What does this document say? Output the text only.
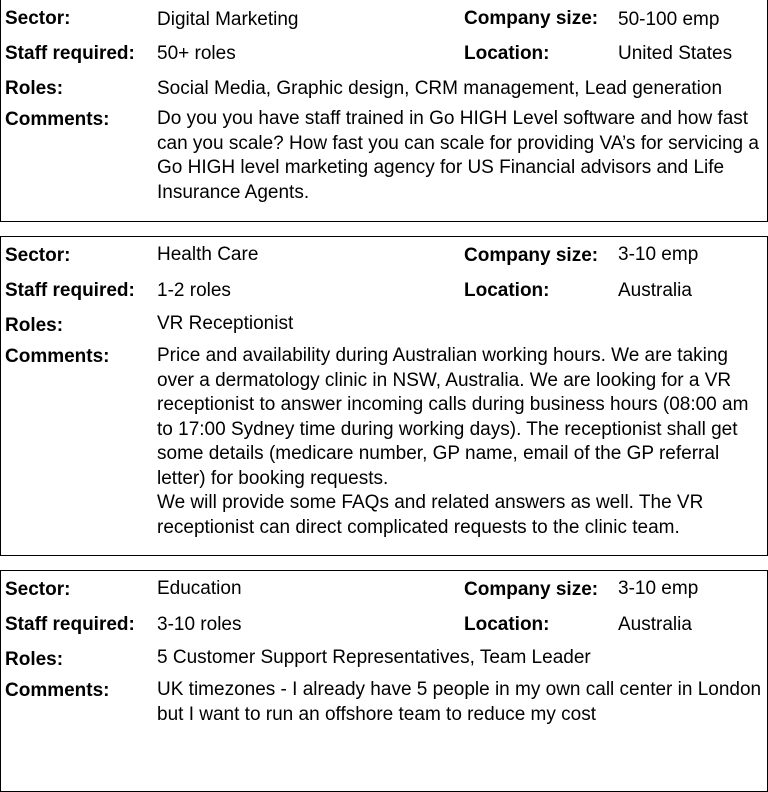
Sector:	Digital Marketing	Company size: 50-100 emp
Staff required: 50+ roles	Location:	United States
Roles:	Social Media, Graphic design, CRM management, Lead generation
Comments: Do you you have staff trained in Go HIGH Level software and how fast can you scale? How fast you can scale for providing VA’s for servicing a Go HIGH level marketing agency for US Financial advisors and Life Insurance Agents.

Sector:	Health Care	Company size: 3-10 emp
Staff required: 1-2 roles	Location:	Australia
Roles:	VR Receptionist
Comments: Price and availability during Australian working hours. We are taking over a dermatology clinic in NSW, Australia. We are looking for a VR receptionist to answer incoming calls during business hours (08:00 am to 17:00 Sydney time during working days). The receptionist shall get some details (medicare number, GP name, email of the GP referral letter) for booking requests.

We will provide some FAQs and related answers as well. The VR receptionist can direct complicated requests to the clinic team.

Sector:	Education	Company size: 3-10 emp
Staff required: 3-10 roles	Location:	Australia
Roles:	5 Customer Support Representatives, Team Leader
Comments: UK timezones - I already have 5 people in my own call center in London but I want to run an offshore team to reduce my cost
